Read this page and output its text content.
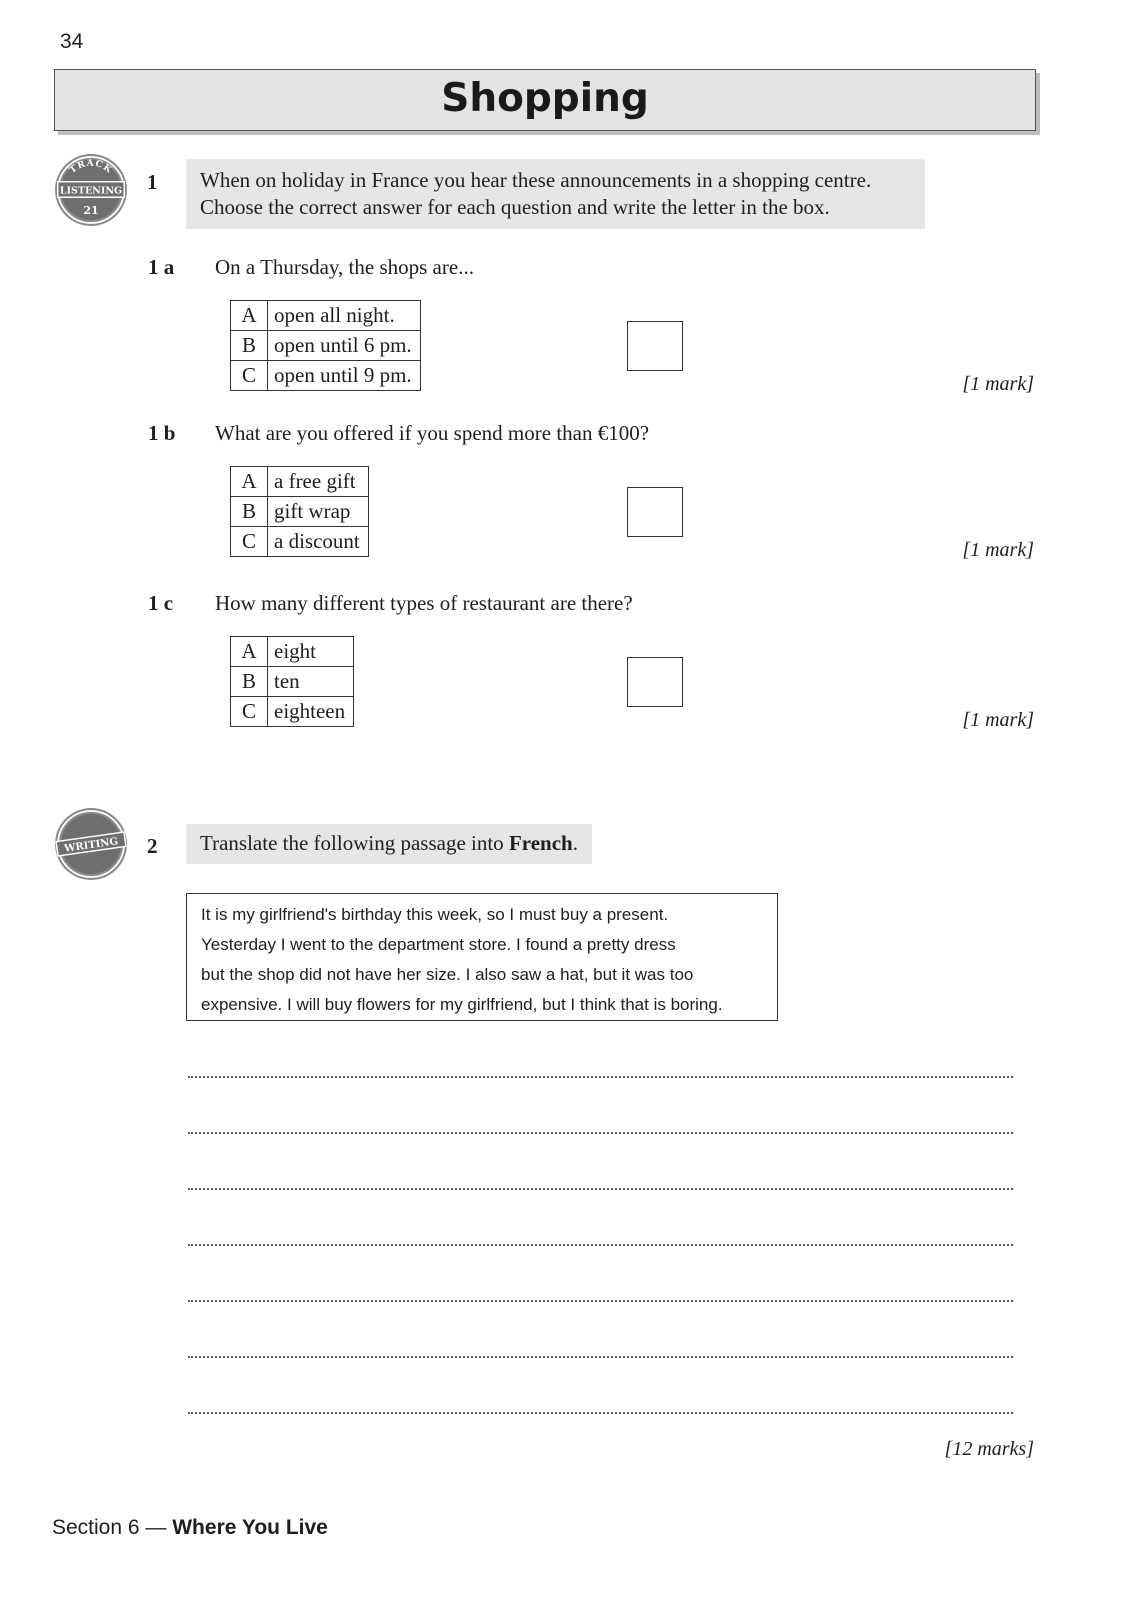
34
Shopping
TRACK
LISTENING
21
1 When on holiday in France you hear these announcements in a shopping centre.
Choose the correct answer for each question and write the letter in the box.
1 a On a Thursday, the shops are...
A	open all night.
B	open until 6 pm.
C	open until 9 pm.	[1 mark]
1 b What are you offered if you spend more than €100?
A	a free gift
B	gift wrap
C	a discount	[1 mark]
1 c How many different types of restaurant are there?
A	eight
B	ten
C	eighteen	[1 mark]
WRITING 2	Translate the following passage into French.
It is my girlfriend's birthday this week, so I must buy a present.
Yesterday I went to the department store. I found a pretty dress
but the shop did not have her size. I also saw a hat, but it was too
expensive. I will buy flowers for my girlfriend, but I think that is boring.
[12 marks]
Section 6 — Where You Live
